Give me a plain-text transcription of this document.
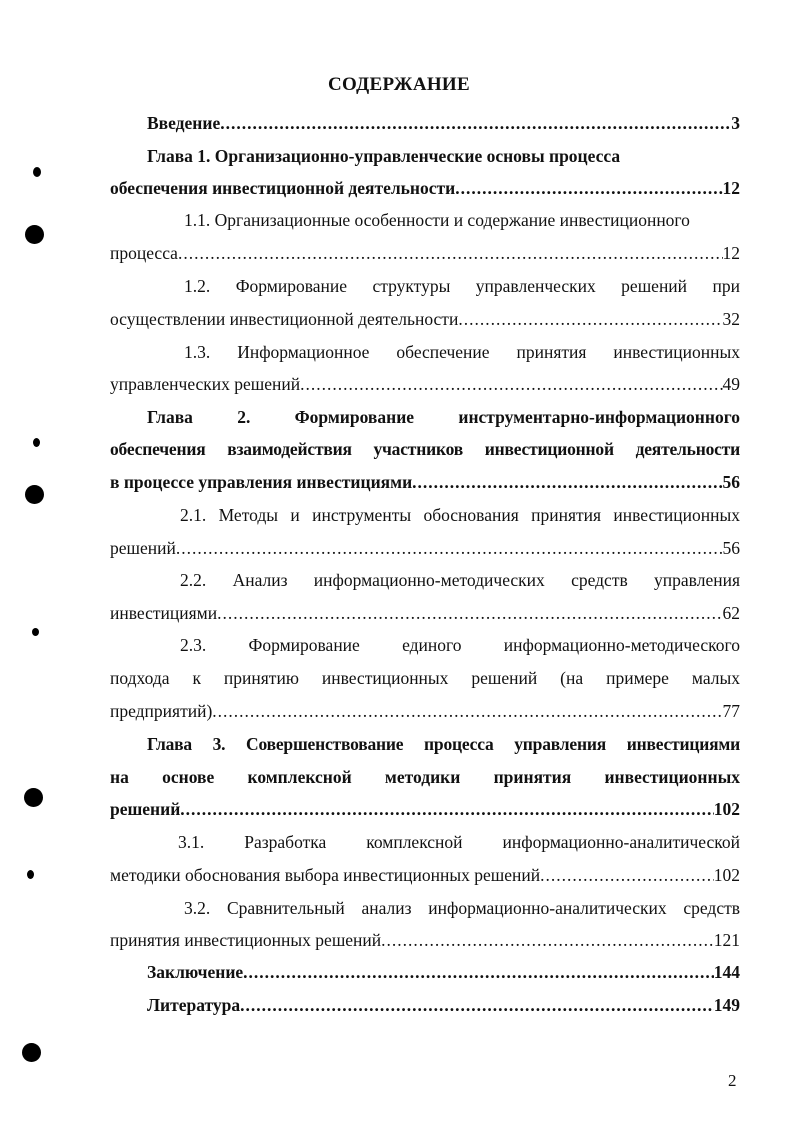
СОДЕРЖАНИЕ
Введение .....	3
Глава 1. Организационно-управленческие основы процесса
обеспечения инвестиционной деятельности .....	12
1.1. Организационные особенности и содержание инвестиционного
процесса .....	12
1.2. Формирование структуры управленческих решений при
осуществлении инвестиционной деятельности .....	32
1.3. Информационное обеспечение принятия инвестиционных
управленческих решений .....	49
Глава 2. Формирование инструментарно-информационного
обеспечения взаимодействия участников инвестиционной деятельности
в процессе управления инвестициями .....	56
2.1. Методы и инструменты обоснования принятия инвестиционных
решений .....	56
2.2. Анализ информационно-методических средств управления
инвестициями .....	62
2.3. Формирование единого информационно-методического
подхода к принятию инвестиционных решений (на примере малых
предприятий) .....	77
Глава 3. Совершенствование процесса управления инвестициями
на основе комплексной методики принятия инвестиционных
решений .....	102
3.1. Разработка комплексной информационно-аналитической
методики обоснования выбора инвестиционных решений .....	102
3.2. Сравнительный анализ информационно-аналитических средств
принятия инвестиционных решений .....	121
Заключение .....	144
Литература .....	149
2
